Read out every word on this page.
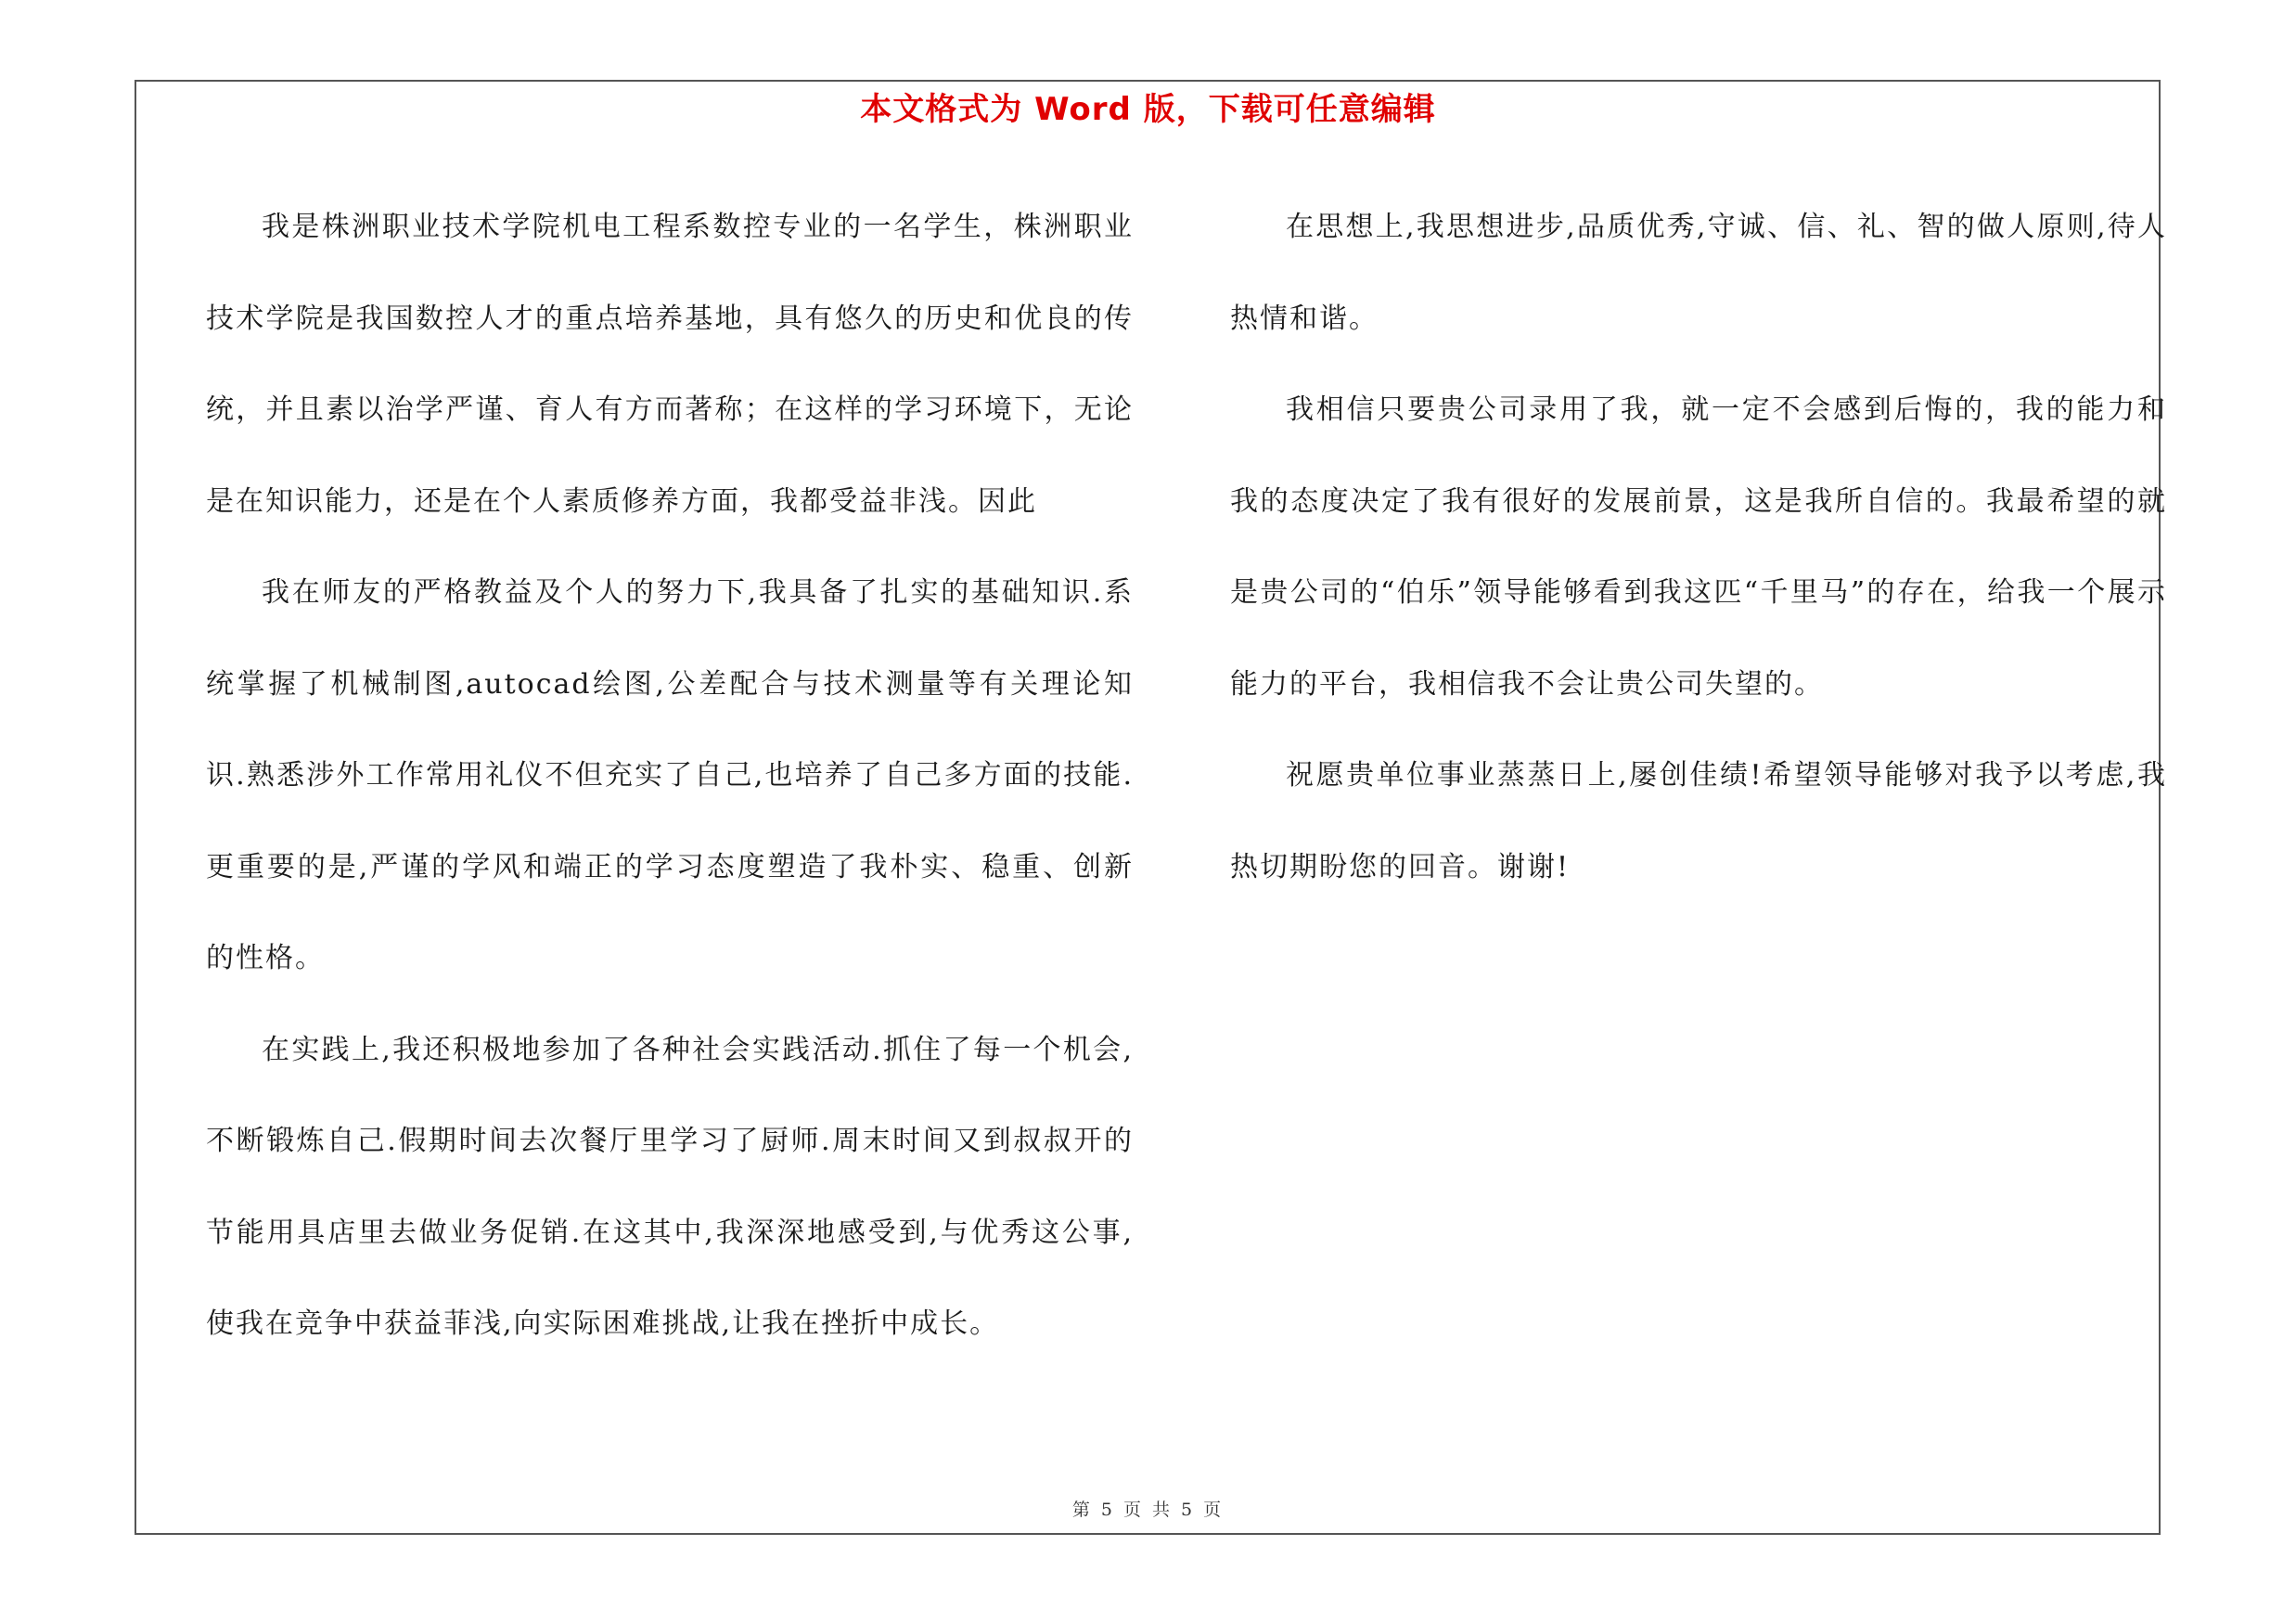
本文格式为 Word 版，下载可任意编辑

我是株洲职业技术学院机电工程系数控专业的一名学生，株洲职业技术学院是我国数控人才的重点培养基地，具有悠久的历史和优良的传统，并且素以治学严谨、育人有方而著称；在这样的学习环境下，无论是在知识能力，还是在个人素质修养方面，我都受益非浅。因此

我在师友的严格教益及个人的努力下,我具备了扎实的基础知识.系统掌握了机械制图,autocad绘图,公差配合与技术测量等有关理论知识.熟悉涉外工作常用礼仪不但充实了自己,也培养了自己多方面的技能.更重要的是,严谨的学风和端正的学习态度塑造了我朴实、稳重、创新的性格。

在实践上,我还积极地参加了各种社会实践活动.抓住了每一个机会,不断锻炼自己.假期时间去次餐厅里学习了厨师.周末时间又到叔叔开的节能用具店里去做业务促销.在这其中,我深深地感受到,与优秀这公事,使我在竞争中获益菲浅,向实际困难挑战,让我在挫折中成长。

在思想上,我思想进步,品质优秀,守诚、信、礼、智的做人原则,待人热情和谐。

我相信只要贵公司录用了我，就一定不会感到后悔的，我的能力和我的态度决定了我有很好的发展前景，这是我所自信的。我最希望的就是贵公司的“伯乐”领导能够看到我这匹“千里马”的存在，给我一个展示能力的平台，我相信我不会让贵公司失望的。

祝愿贵单位事业蒸蒸日上,屡创佳绩!希望领导能够对我予以考虑,我热切期盼您的回音。谢谢!

第 5 页 共 5 页
